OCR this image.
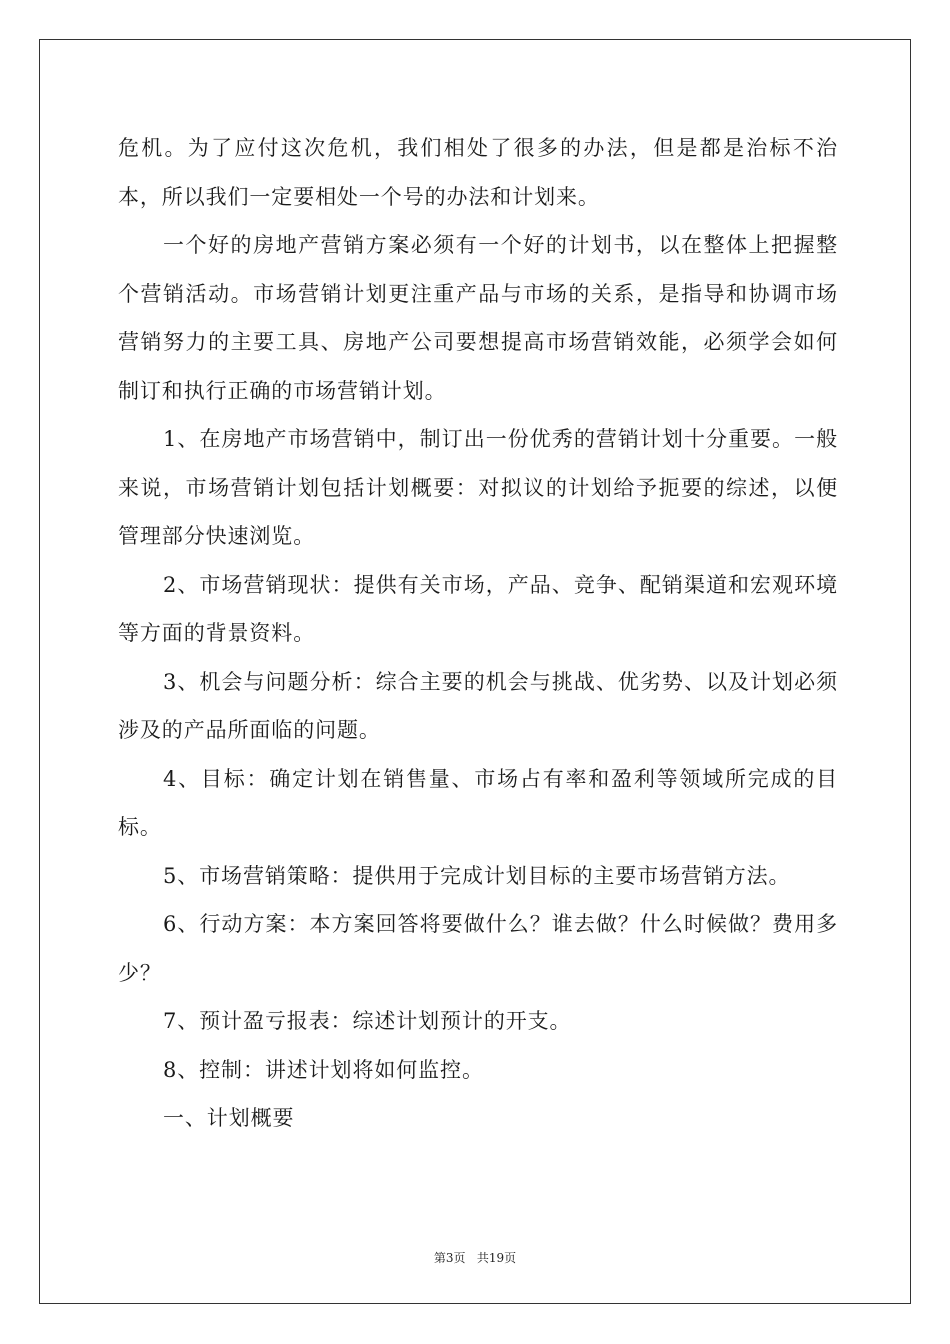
危机。为了应付这次危机，我们相处了很多的办法，但是都是治标不治本，所以我们一定要相处一个号的办法和计划来。

一个好的房地产营销方案必须有一个好的计划书，以在整体上把握整个营销活动。市场营销计划更注重产品与市场的关系，是指导和协调市场营销努力的主要工具、房地产公司要想提高市场营销效能，必须学会如何制订和执行正确的市场营销计划。

1、在房地产市场营销中，制订出一份优秀的营销计划十分重要。一般来说，市场营销计划包括计划概要：对拟议的计划给予扼要的综述，以便管理部分快速浏览。

2、市场营销现状：提供有关市场，产品、竞争、配销渠道和宏观环境等方面的背景资料。

3、机会与问题分析：综合主要的机会与挑战、优劣势、以及计划必须涉及的产品所面临的问题。

4、目标：确定计划在销售量、市场占有率和盈利等领域所完成的目标。

5、市场营销策略：提供用于完成计划目标的主要市场营销方法。

6、行动方案：本方案回答将要做什么？谁去做？什么时候做？费用多少？

7、预计盈亏报表：综述计划预计的开支。

8、控制：讲述计划将如何监控。

一、计划概要

第3页 共19页
